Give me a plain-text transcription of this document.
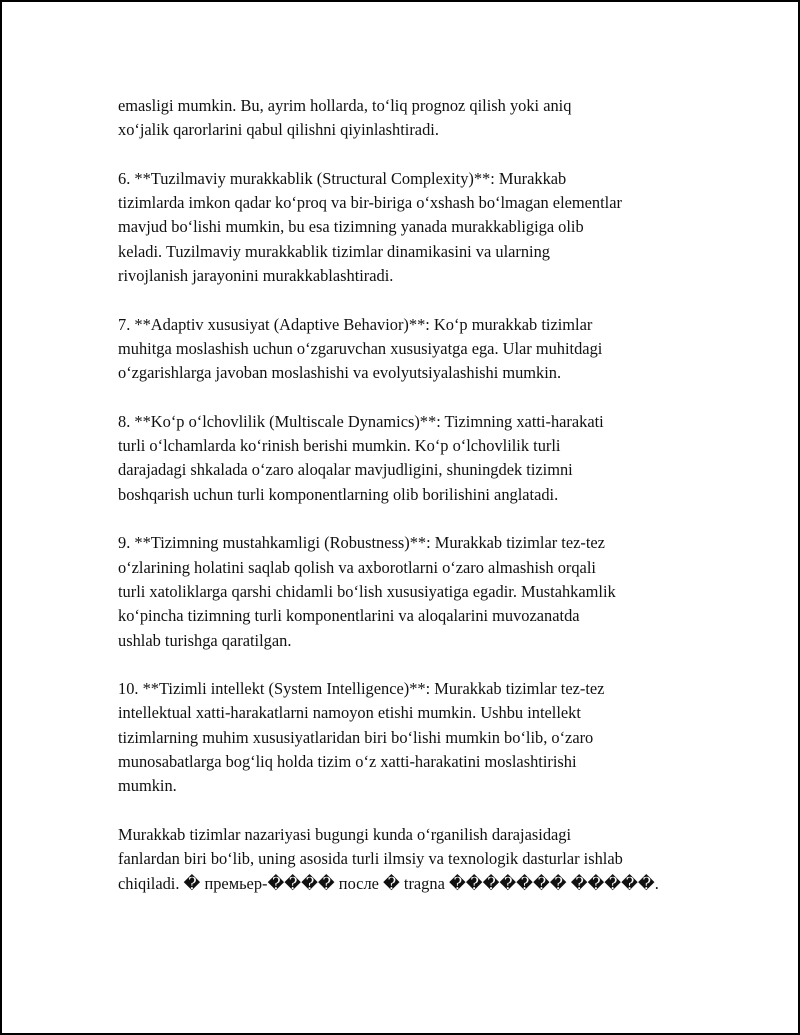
emasligi mumkin. Bu, ayrim hollarda, to‘liq prognoz qilish yoki aniq
xo‘jalik qarorlarini qabul qilishni qiyinlashtiradi.

6. **Tuzilmaviy murakkablik (Structural Complexity)**: Murakkab
tizimlarda imkon qadar ko‘proq va bir-biriga o‘xshash bo‘lmagan elementlar
mavjud bo‘lishi mumkin, bu esa tizimning yanada murakkabligiga olib
keladi. Tuzilmaviy murakkablik tizimlar dinamikasini va ularning
rivojlanish jarayonini murakkablashtiradi.

7. **Adaptiv xususiyat (Adaptive Behavior)**: Ko‘p murakkab tizimlar
muhitga moslashish uchun o‘zgaruvchan xususiyatga ega. Ular muhitdagi
o‘zgarishlarga javoban moslashishi va evolyutsiyalashishi mumkin.

8. **Ko‘p o‘lchovlilik (Multiscale Dynamics)**: Tizimning xatti-harakati
turli o‘lchamlarda ko‘rinish berishi mumkin. Ko‘p o‘lchovlilik turli
darajadagi shkalada o‘zaro aloqalar mavjudligini, shuningdek tizimni
boshqarish uchun turli komponentlarning olib borilishini anglatadi.

9. **Tizimning mustahkamligi (Robustness)**: Murakkab tizimlar tez-tez
o‘zlarining holatini saqlab qolish va axborotlarni o‘zaro almashish orqali
turli xatoliklarga qarshi chidamli bo‘lish xususiyatiga egadir. Mustahkamlik
ko‘pincha tizimning turli komponentlarini va aloqalarini muvozanatda
ushlab turishga qaratilgan.

10. **Tizimli intellekt (System Intelligence)**: Murakkab tizimlar tez-tez
intellektual xatti-harakatlarni namoyon etishi mumkin. Ushbu intellekt
tizimlarning muhim xususiyatlaridan biri bo‘lishi mumkin bo‘lib, o‘zaro
munosabatlarga bog‘liq holda tizim o‘z xatti-harakatini moslashtirishi
mumkin.

Murakkab tizimlar nazariyasi bugungi kunda o‘rganilish darajasidagi
fanlardan biri bo‘lib, uning asosida turli ilmsiy va texnologik dasturlar ishlab
chiqiladi. � премьер-���� после � tragna ������� �����.
